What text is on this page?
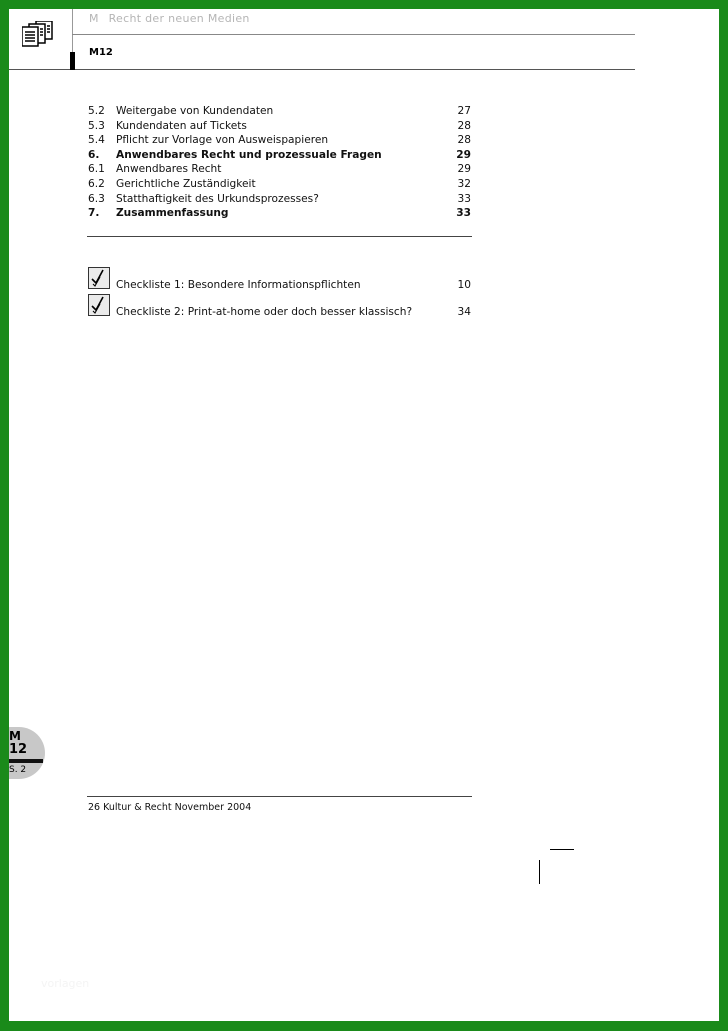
M Recht der neuen Medien
M12
5.2 Weitergabe von Kundendaten	27
5.3 Kundendaten auf Tickets	28
5.4 Pflicht zur Vorlage von Ausweispapieren	28
6. Anwendbares Recht und prozessuale Fragen	29
6.1 Anwendbares Recht	29
6.2 Gerichtliche Zuständigkeit	32
6.3 Statthaftigkeit des Urkundsprozesses?	33
7. Zusammenfassung	33
Checkliste 1: Besondere Informationspflichten	10
Checkliste 2: Print-at-home oder doch besser klassisch?	34
M
12
S. 2
26 Kultur & Recht November 2004
vorlagen
